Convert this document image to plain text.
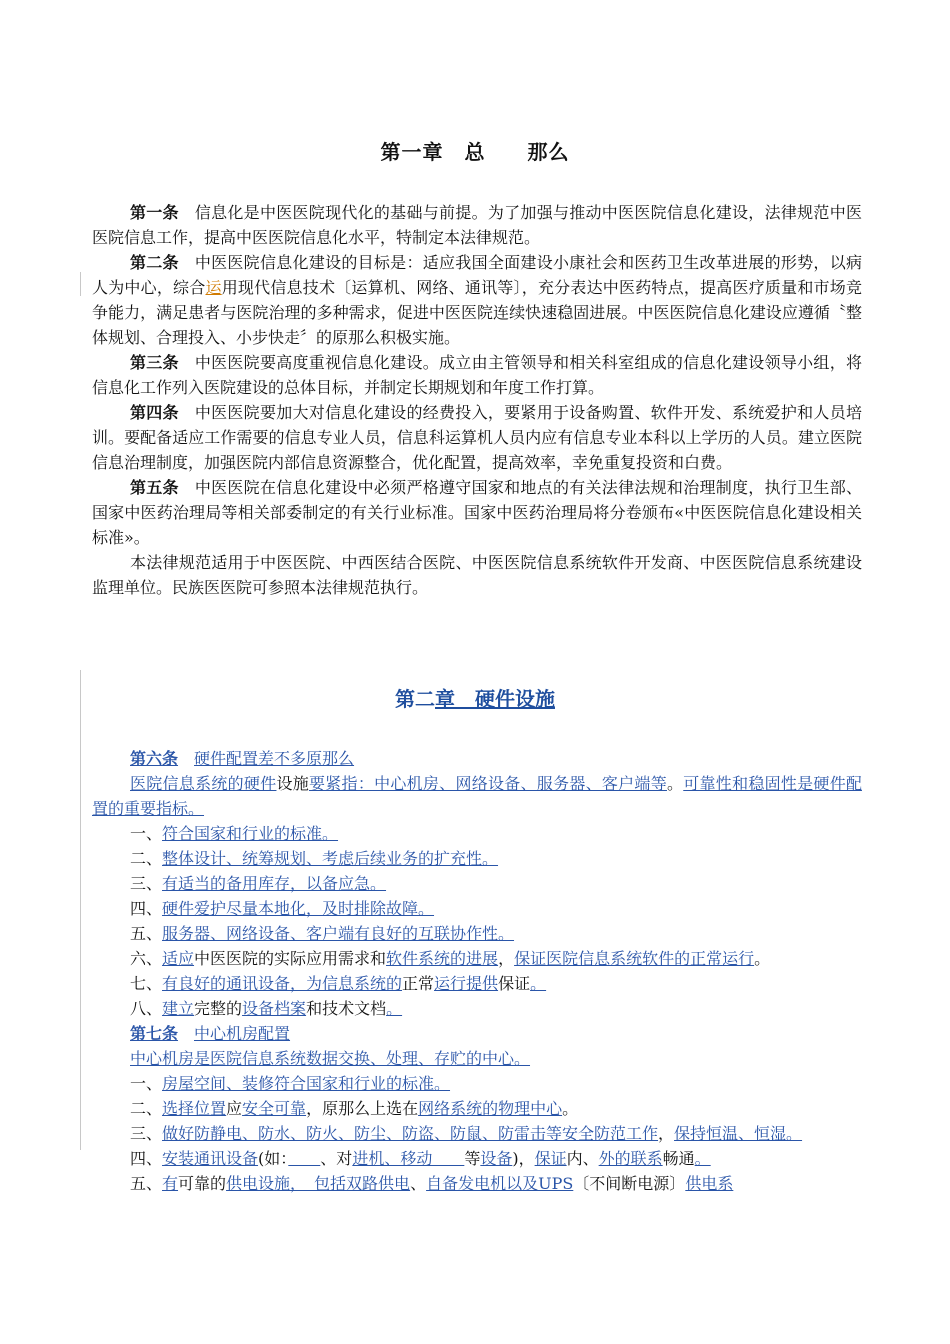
第一章　总　　那么

第一条 信息化是中医医院现代化的基础与前提。为了加强与推动中医医院信息化建设，法律规范中医医院信息工作，提高中医医院信息化水平，特制定本法律规范。

第二条 中医医院信息化建设的目标是：适应我国全面建设小康社会和医药卫生改革进展的形势，以病人为中心，综合运用现代信息技术〔运算机、网络、通讯等〕，充分表达中医药特点，提高医疗质量和市场竞争能力，满足患者与医院治理的多种需求，促进中医医院连续快速稳固进展。中医医院信息化建设应遵循〝整体规划、合理投入、小步快走〞的原那么积极实施。

第三条 中医医院要高度重视信息化建设。成立由主管领导和相关科室组成的信息化建设领导小组，将信息化工作列入医院建设的总体目标，并制定长期规划和年度工作打算。

第四条 中医医院要加大对信息化建设的经费投入，要紧用于设备购置、软件开发、系统爱护和人员培训。要配备适应工作需要的信息专业人员，信息科运算机人员内应有信息专业本科以上学历的人员。建立医院信息治理制度，加强医院内部信息资源整合，优化配置，提高效率，幸免重复投资和白费。

第五条 中医医院在信息化建设中必须严格遵守国家和地点的有关法律法规和治理制度，执行卫生部、国家中医药治理局等相关部委制定的有关行业标准。国家中医药治理局将分卷颁布«中医医院信息化建设相关标准»。

本法律规范适用于中医医院、中西医结合医院、中医医院信息系统软件开发商、中医医院信息系统建设监理单位。民族医医院可参照本法律规范执行。

第二章　硬件设施

第六条 硬件配置差不多原那么

医院信息系统的硬件设施要紧指：中心机房、网络设备、服务器、客户端等。可靠性和稳固性是硬件配置的重要指标。

一、符合国家和行业的标准。

二、整体设计、统筹规划、考虑后续业务的扩充性。

三、有适当的备用库存，以备应急。

四、硬件爱护尽量本地化，及时排除故障。

五、服务器、网络设备、客户端有良好的互联协作性。

六、适应中医医院的实际应用需求和软件系统的进展，保证医院信息系统软件的正常运行。

七、有良好的通讯设备，为信息系统的正常运行提供保证。

八、建立完整的设备档案和技术文档。

第七条 中心机房配置

中心机房是医院信息系统数据交换、处理、存贮的中心。

一、房屋空间、装修符合国家和行业的标准。

二、选择位置应安全可靠，原那么上选在网络系统的物理中心。

三、做好防静电、防水、防火、防尘、防盗、防鼠、防雷击等安全防范工作，保持恒温、恒湿。

四、安装通讯设备(如：　　 、对进机、移动　　等设备)，保证内、外的联系畅通。

五、有可靠的供电设施，　包括双路供电、自备发电机以及UPS〔不间断电源〕供电系
